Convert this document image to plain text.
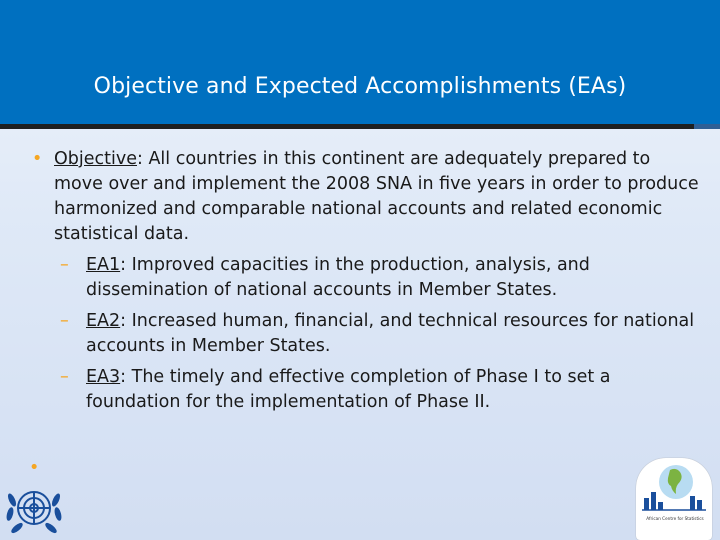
Objective and Expected Accomplishments (EAs)

• Objective: All countries in this continent are adequately prepared to move over and implement the 2008 SNA in five years in order to produce harmonized and comparable national accounts and related economic statistical data.

– EA1: Improved capacities in the production, analysis, and dissemination of national accounts in Member States.

– EA2: Increased human, financial, and technical resources for national accounts in Member States.

– EA3: The timely and effective completion of Phase I to set a foundation for the implementation of Phase II.

•
African Centre for Statistics
